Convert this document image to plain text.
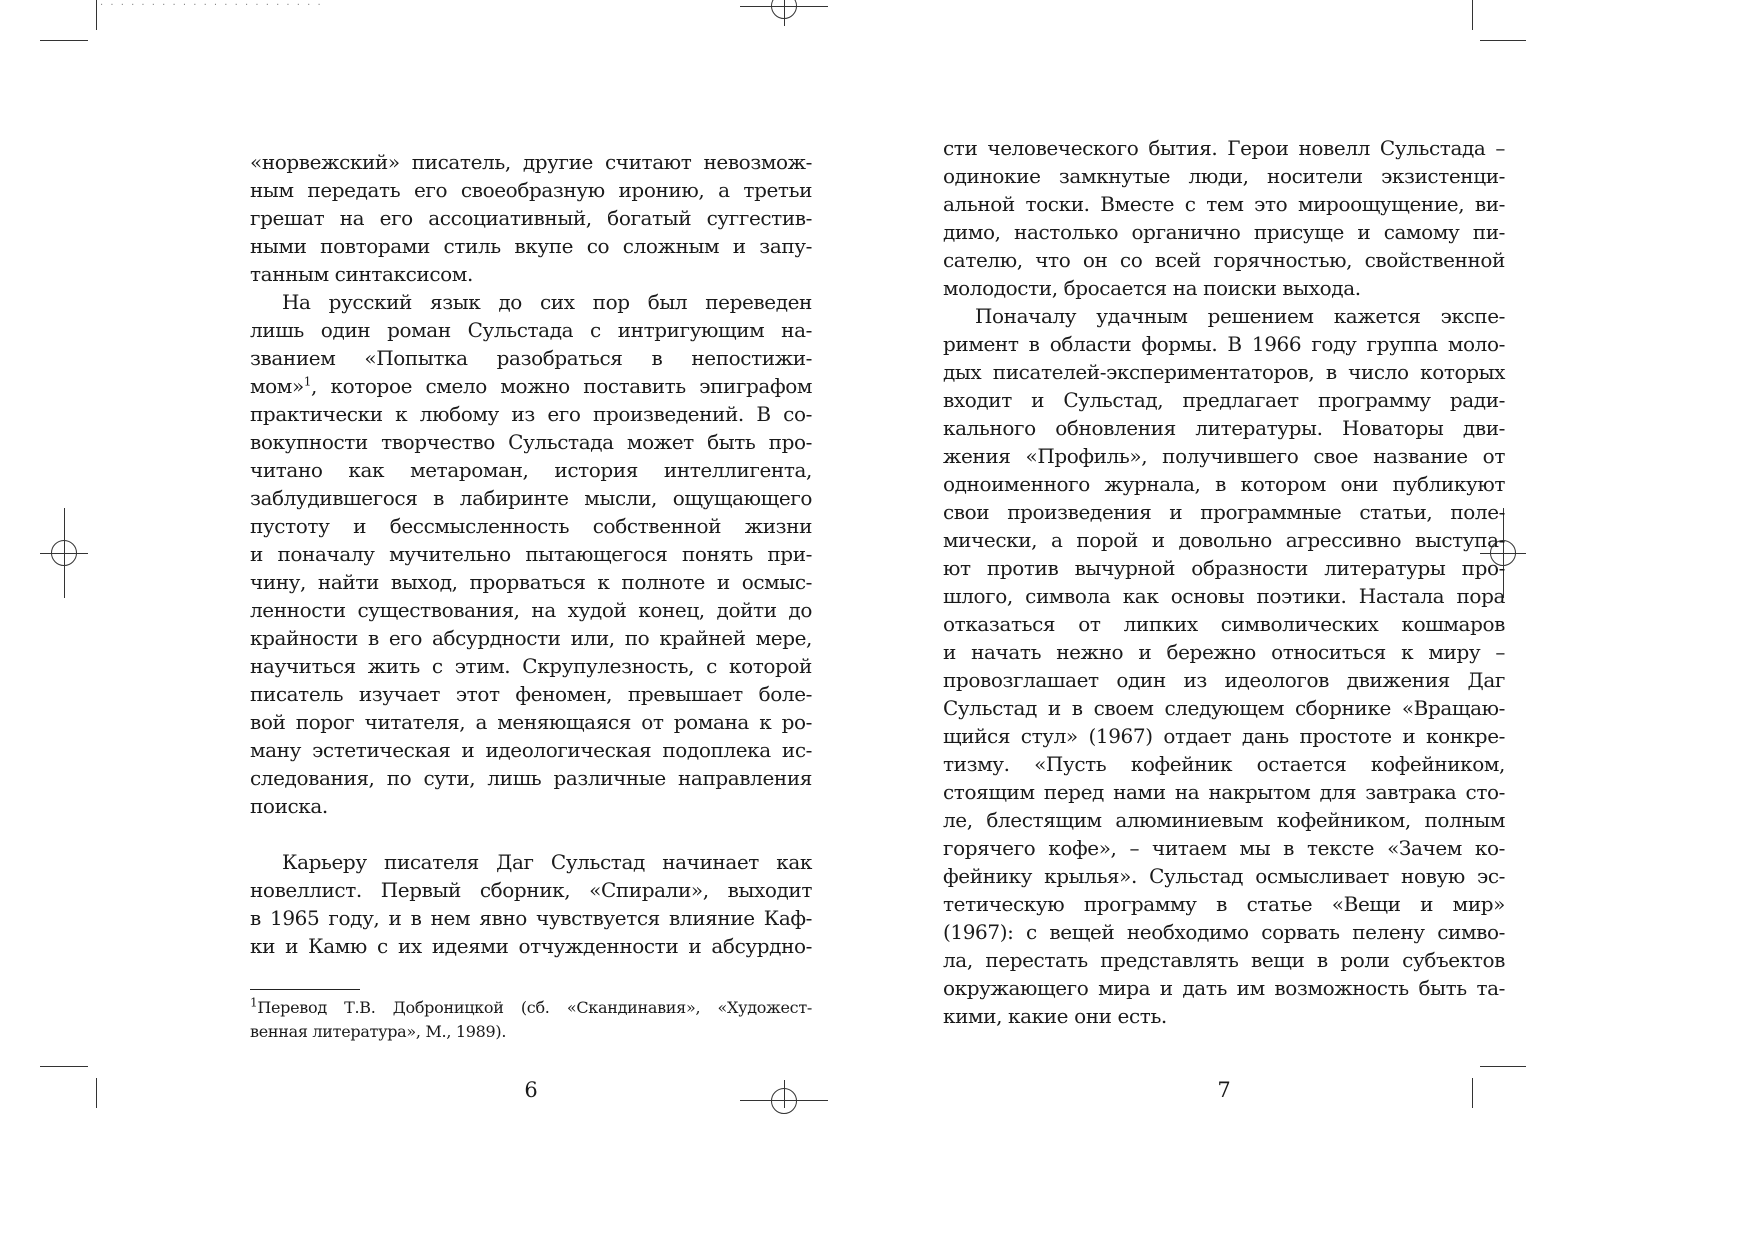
· · · · · · · · · · · · · · · · · · · · · ·
«норвежский» писатель, другие считают невозмож-
ным передать его своеобразную иронию, а третьи
грешат на его ассоциативный, богатый суггестив-
ными повторами стиль вкупе со сложным и запу-
танным синтаксисом.
На русский язык до сих пор был переведен
лишь один роман Сульстада с интригующим на-
званием «Попытка разобраться в непостижи-
мом»$^1$, которое смело можно поставить эпиграфом
практически к любому из его произведений. В со-
вокупности творчество Сульстада может быть про-
читано как метароман, история интеллигента,
заблудившегося в лабиринте мысли, ощущающего
пустоту и бессмысленность собственной жизни
и поначалу мучительно пытающегося понять при-
чину, найти выход, прорваться к полноте и осмыс-
ленности существования, на худой конец, дойти до
крайности в его абсурдности или, по крайней мере,
научиться жить с этим. Скрупулезность, с которой
писатель изучает этот феномен, превышает боле-
вой порог читателя, а меняющаяся от романа к ро-
ману эстетическая и идеологическая подоплека ис-
следования, по сути, лишь различные направления
поиска.
Карьеру писателя Даг Сульстад начинает как
новеллист. Первый сборник, «Спирали», выходит
в 1965 году, и в нем явно чувствуется влияние Каф-
ки и Камю с их идеями отчужденности и абсурдно-
$^1$Перевод Т.В. Доброницкой (сб. «Скандинавия», «Художест-
венная литература», М., 1989).
6
сти человеческого бытия. Герои новелл Сульстада –
одинокие замкнутые люди, носители экзистенци-
альной тоски. Вместе с тем это мироощущение, ви-
димо, настолько органично присуще и самому пи-
сателю, что он со всей горячностью, свойственной
молодости, бросается на поиски выхода.
Поначалу удачным решением кажется экспе-
римент в области формы. В 1966 году группа моло-
дых писателей-экспериментаторов, в число которых
входит и Сульстад, предлагает программу ради-
кального обновления литературы. Новаторы дви-
жения «Профиль», получившего свое название от
одноименного журнала, в котором они публикуют
свои произведения и программные статьи, поле-
мически, а порой и довольно агрессивно выступа-
ют против вычурной образности литературы про-
шлого, символа как основы поэтики. Настала пора
отказаться от липких символических кошмаров
и начать нежно и бережно относиться к миру –
провозглашает один из идеологов движения Даг
Сульстад и в своем следующем сборнике «Вращаю-
щийся стул» (1967) отдает дань простоте и конкре-
тизму. «Пусть кофейник остается кофейником,
стоящим перед нами на накрытом для завтрака сто-
ле, блестящим алюминиевым кофейником, полным
горячего кофе», – читаем мы в тексте «Зачем ко-
фейнику крылья». Сульстад осмысливает новую эс-
тетическую программу в статье «Вещи и мир»
(1967): с вещей необходимо сорвать пелену симво-
ла, перестать представлять вещи в роли субъектов
окружающего мира и дать им возможность быть та-
кими, какие они есть.
7
